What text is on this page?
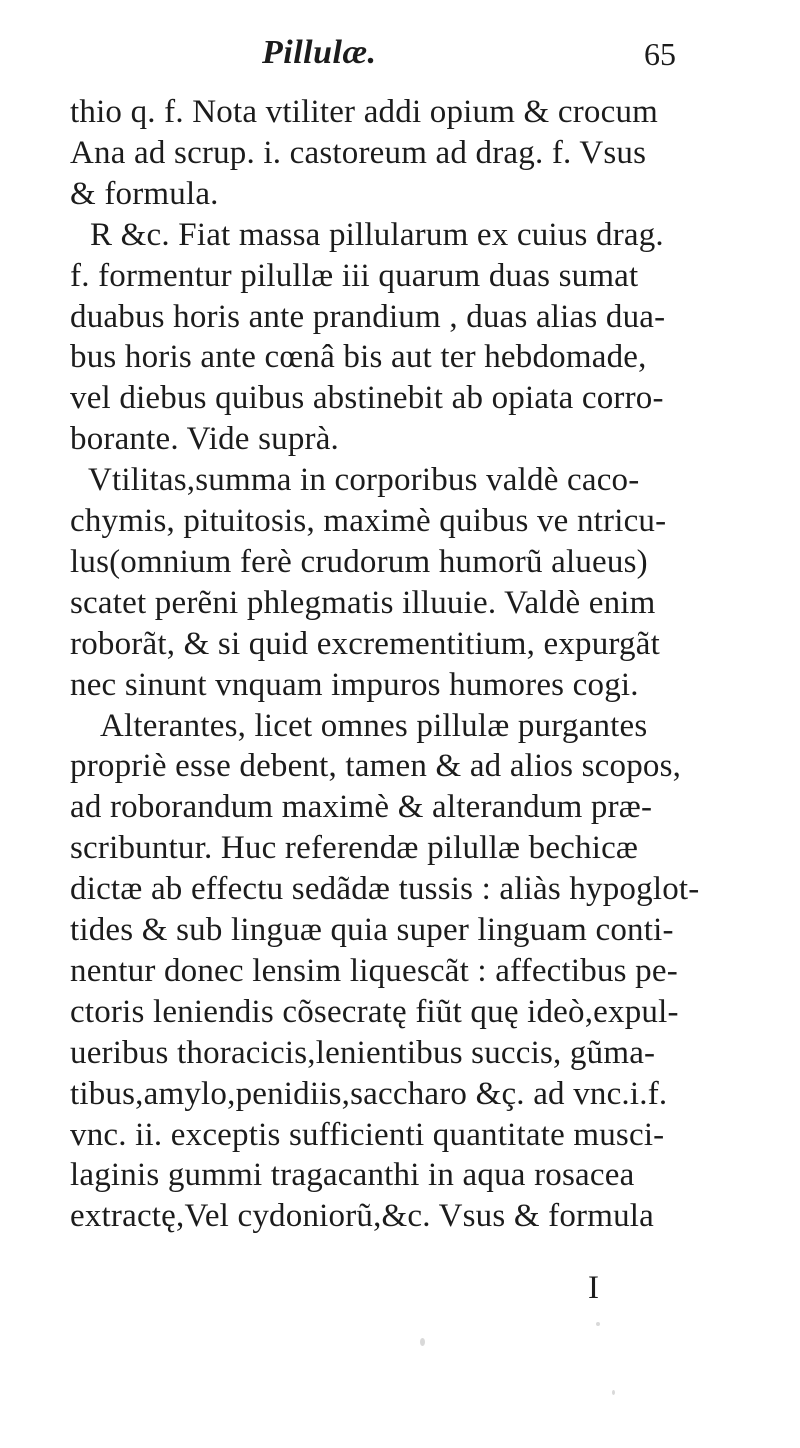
Pillulæ.	65
thio q. f. Nota vtiliter addi opium & crocum
Ana ad scrup. i. castoreum ad drag. f. Vsus
& formula.
R &c. Fiat massa pillularum ex cuius drag.
f. formentur pilullæ iii quarum duas sumat
duabus horis ante prandium , duas alias dua-
bus horis ante cœnâ bis aut ter hebdomade,
vel diebus quibus abstinebit ab opiata corro-
borante. Vide suprà.
Vtilitas,summa in corporibus valdè caco-
chymis, pituitosis, maximè quibus ve ntricu-
lus(omnium ferè crudorum humorũ alueus)
scatet perẽni phlegmatis illuuie. Valdè enim
roborãt, & si quid excrementitium, expurgãt
nec sinunt vnquam impuros humores cogi.
Alterantes, licet omnes pillulæ purgantes
propriè esse debent, tamen & ad alios scopos,
ad roborandum maximè & alterandum præ-
scribuntur. Huc referendæ pilullæ bechicæ
dictæ ab effectu sedãdæ tussis : aliàs hypoglot-
tides & sub linguæ quia super linguam conti-
nentur donec lensim liquescãt : affectibus pe-
ctoris leniendis cõsecratę fiũt quę ideò,expul-
ueribus thoracicis,lenientibus succis, gũma-
tibus,amylo,penidiis,saccharo &ç. ad vnc.i.f.
vnc. ii. exceptis sufficienti quantitate musci-
laginis gummi tragacanthi in aqua rosacea
extractę,Vel cydoniorũ,&c. Vsus & formula
I
